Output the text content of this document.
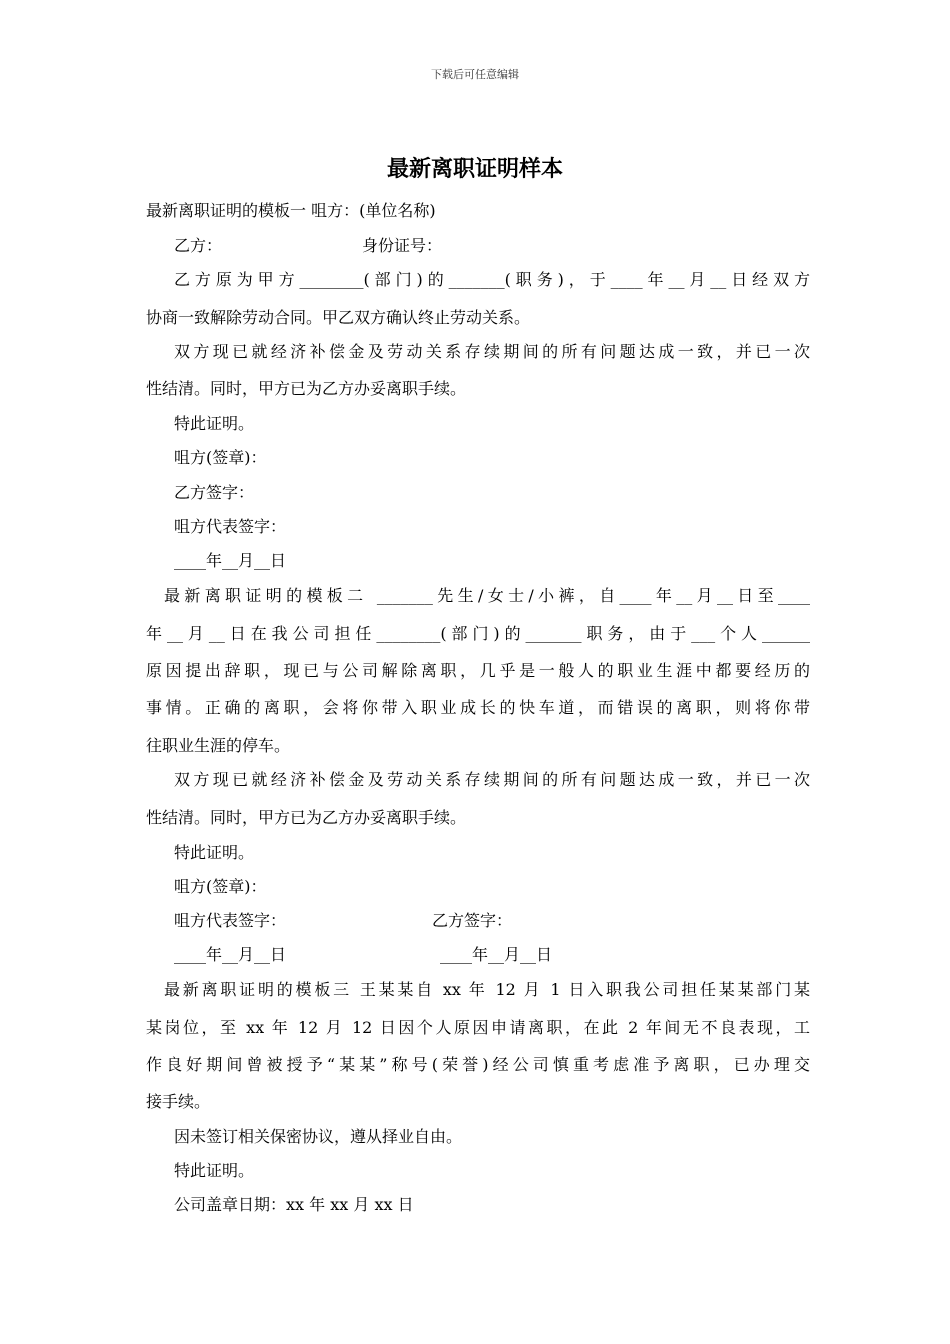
下载后可任意编辑
最新离职证明样本
最新离职证明的模板一 咀方：(单位名称)
乙方：	身份证号：
乙方原为甲方________(部门)的_______(职务)，于____年__月__日经双方
协商一致解除劳动合同。甲乙双方确认终止劳动关系。
双方现已就经济补偿金及劳动关系存续期间的所有问题达成一致，并已一次
性结清。同时，甲方已为乙方办妥离职手续。
特此证明。
咀方(签章)：
乙方签字：
咀方代表签字：
____年__月__日
最新离职证明的模板二 _______先生/女士/小裤，自____年__月__日至____
年__月__日在我公司担任________(部门)的_______职务，由于___个人______
原因提出辞职，现已与公司解除离职，几乎是一般人的职业生涯中都要经历的
事情。正确的离职，会将你带入职业成长的快车道，而错误的离职，则将你带
往职业生涯的停车。
双方现已就经济补偿金及劳动关系存续期间的所有问题达成一致，并已一次
性结清。同时，甲方已为乙方办妥离职手续。
特此证明。
咀方(签章)：
咀方代表签字：	乙方签字：
____年__月__日	____年__月__日
最新离职证明的模板三 王某某自 xx 年 12 月 1 日入职我公司担任某某部门某
某岗位，至 xx 年 12 月 12 日因个人原因申请离职，在此 2 年间无不良表现，工
作良好期间曾被授予“某某”称号(荣誉)经公司慎重考虑准予离职，已办理交
接手续。
因未签订相关保密协议，遵从择业自由。
特此证明。
公司盖章日期：xx 年 xx 月 xx 日
